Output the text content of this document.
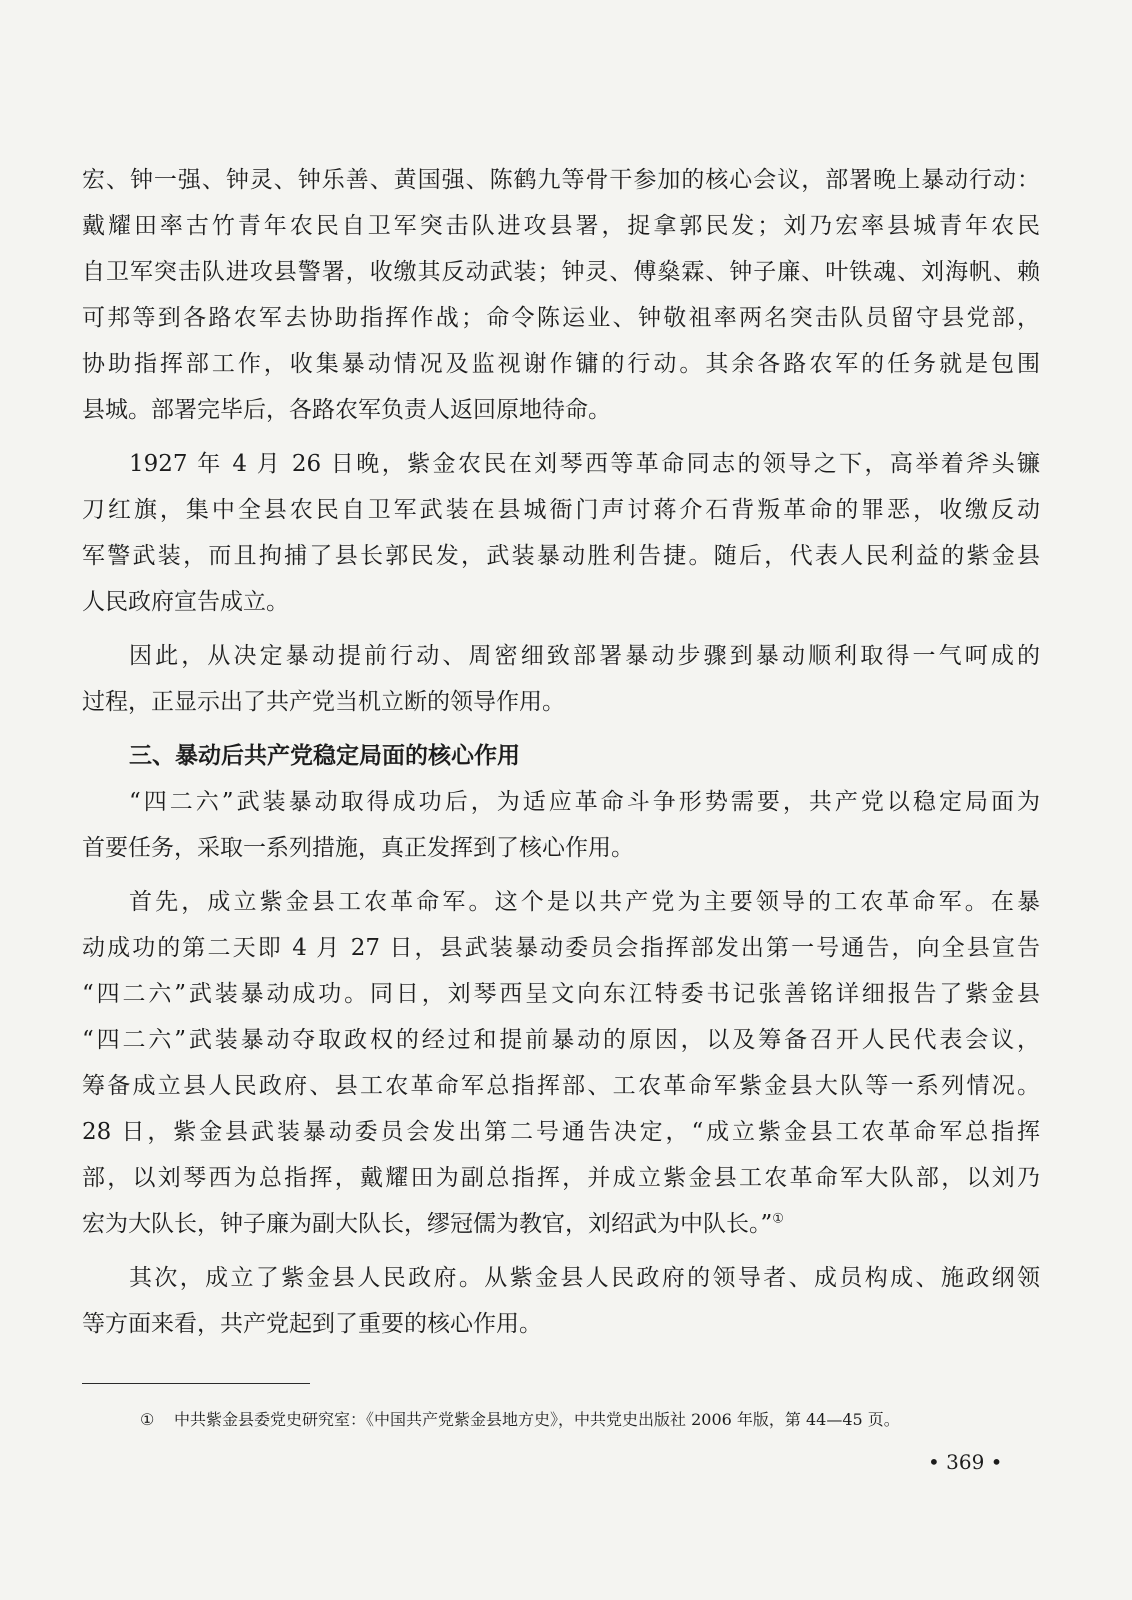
宏、钟一强、钟灵、钟乐善、黄国强、陈鹤九等骨干参加的核心会议，部署晚上暴动行动：
戴耀田率古竹青年农民自卫军突击队进攻县署，捉拿郭民发；刘乃宏率县城青年农民
自卫军突击队进攻县警署，收缴其反动武装；钟灵、傅燊霖、钟子廉、叶铁魂、刘海帆、赖
可邦等到各路农军去协助指挥作战；命令陈运业、钟敬祖率两名突击队员留守县党部，
协助指挥部工作，收集暴动情况及监视谢作镛的行动。其余各路农军的任务就是包围
县城。部署完毕后，各路农军负责人返回原地待命。
1927 年 4 月 26 日晚，紫金农民在刘琴西等革命同志的领导之下，高举着斧头镰
刀红旗，集中全县农民自卫军武装在县城衙门声讨蒋介石背叛革命的罪恶，收缴反动
军警武装，而且拘捕了县长郭民发，武装暴动胜利告捷。随后，代表人民利益的紫金县
人民政府宣告成立。
因此，从决定暴动提前行动、周密细致部署暴动步骤到暴动顺利取得一气呵成的
过程，正显示出了共产党当机立断的领导作用。
三、暴动后共产党稳定局面的核心作用
“四二六”武装暴动取得成功后，为适应革命斗争形势需要，共产党以稳定局面为
首要任务，采取一系列措施，真正发挥到了核心作用。
首先，成立紫金县工农革命军。这个是以共产党为主要领导的工农革命军。在暴
动成功的第二天即 4 月 27 日，县武装暴动委员会指挥部发出第一号通告，向全县宣告
“四二六”武装暴动成功。同日，刘琴西呈文向东江特委书记张善铭详细报告了紫金县
“四二六”武装暴动夺取政权的经过和提前暴动的原因，以及筹备召开人民代表会议，
筹备成立县人民政府、县工农革命军总指挥部、工农革命军紫金县大队等一系列情况。
28 日，紫金县武装暴动委员会发出第二号通告决定，“成立紫金县工农革命军总指挥
部，以刘琴西为总指挥，戴耀田为副总指挥，并成立紫金县工农革命军大队部，以刘乃
宏为大队长，钟子廉为副大队长，缪冠儒为教官，刘绍武为中队长。”①
其次，成立了紫金县人民政府。从紫金县人民政府的领导者、成员构成、施政纲领
等方面来看，共产党起到了重要的核心作用。
① 中共紫金县委党史研究室：《中国共产党紫金县地方史》，中共党史出版社 2006 年版，第 44—45 页。
• 369 •
